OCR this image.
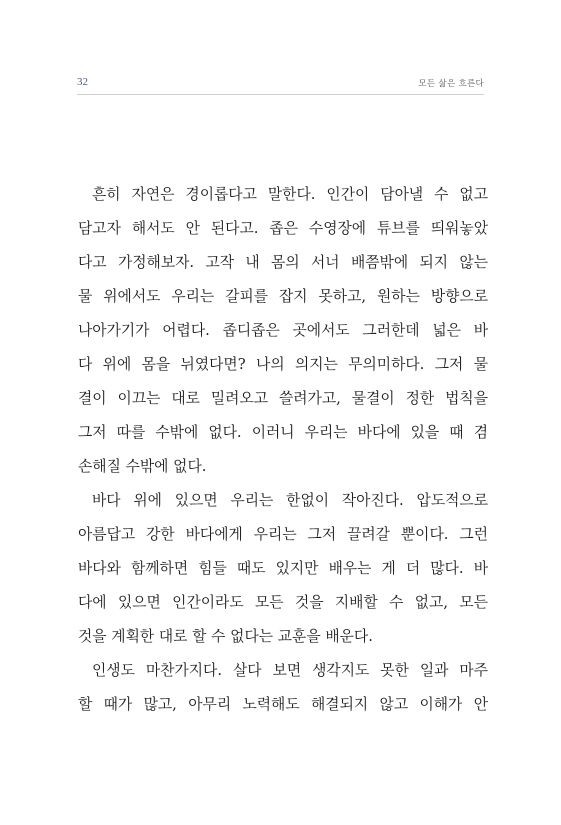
32	모든 삶은 흐른다
흔히 자연은 경이롭다고 말한다. 인간이 담아낼 수 없고
담고자 해서도 안 된다고. 좁은 수영장에 튜브를 띄워놓았
다고 가정해보자. 고작 내 몸의 서너 배쯤밖에 되지 않는
물 위에서도 우리는 갈피를 잡지 못하고, 원하는 방향으로
나아가기가 어렵다. 좁디좁은 곳에서도 그러한데 넓은 바
다 위에 몸을 뉘였다면? 나의 의지는 무의미하다. 그저 물
결이 이끄는 대로 밀려오고 쓸려가고, 물결이 정한 법칙을
그저 따를 수밖에 없다. 이러니 우리는 바다에 있을 때 겸
손해질 수밖에 없다.
바다 위에 있으면 우리는 한없이 작아진다. 압도적으로
아름답고 강한 바다에게 우리는 그저 끌려갈 뿐이다. 그런
바다와 함께하면 힘들 때도 있지만 배우는 게 더 많다. 바
다에 있으면 인간이라도 모든 것을 지배할 수 없고, 모든
것을 계획한 대로 할 수 없다는 교훈을 배운다.
인생도 마찬가지다. 살다 보면 생각지도 못한 일과 마주
할 때가 많고, 아무리 노력해도 해결되지 않고 이해가 안
